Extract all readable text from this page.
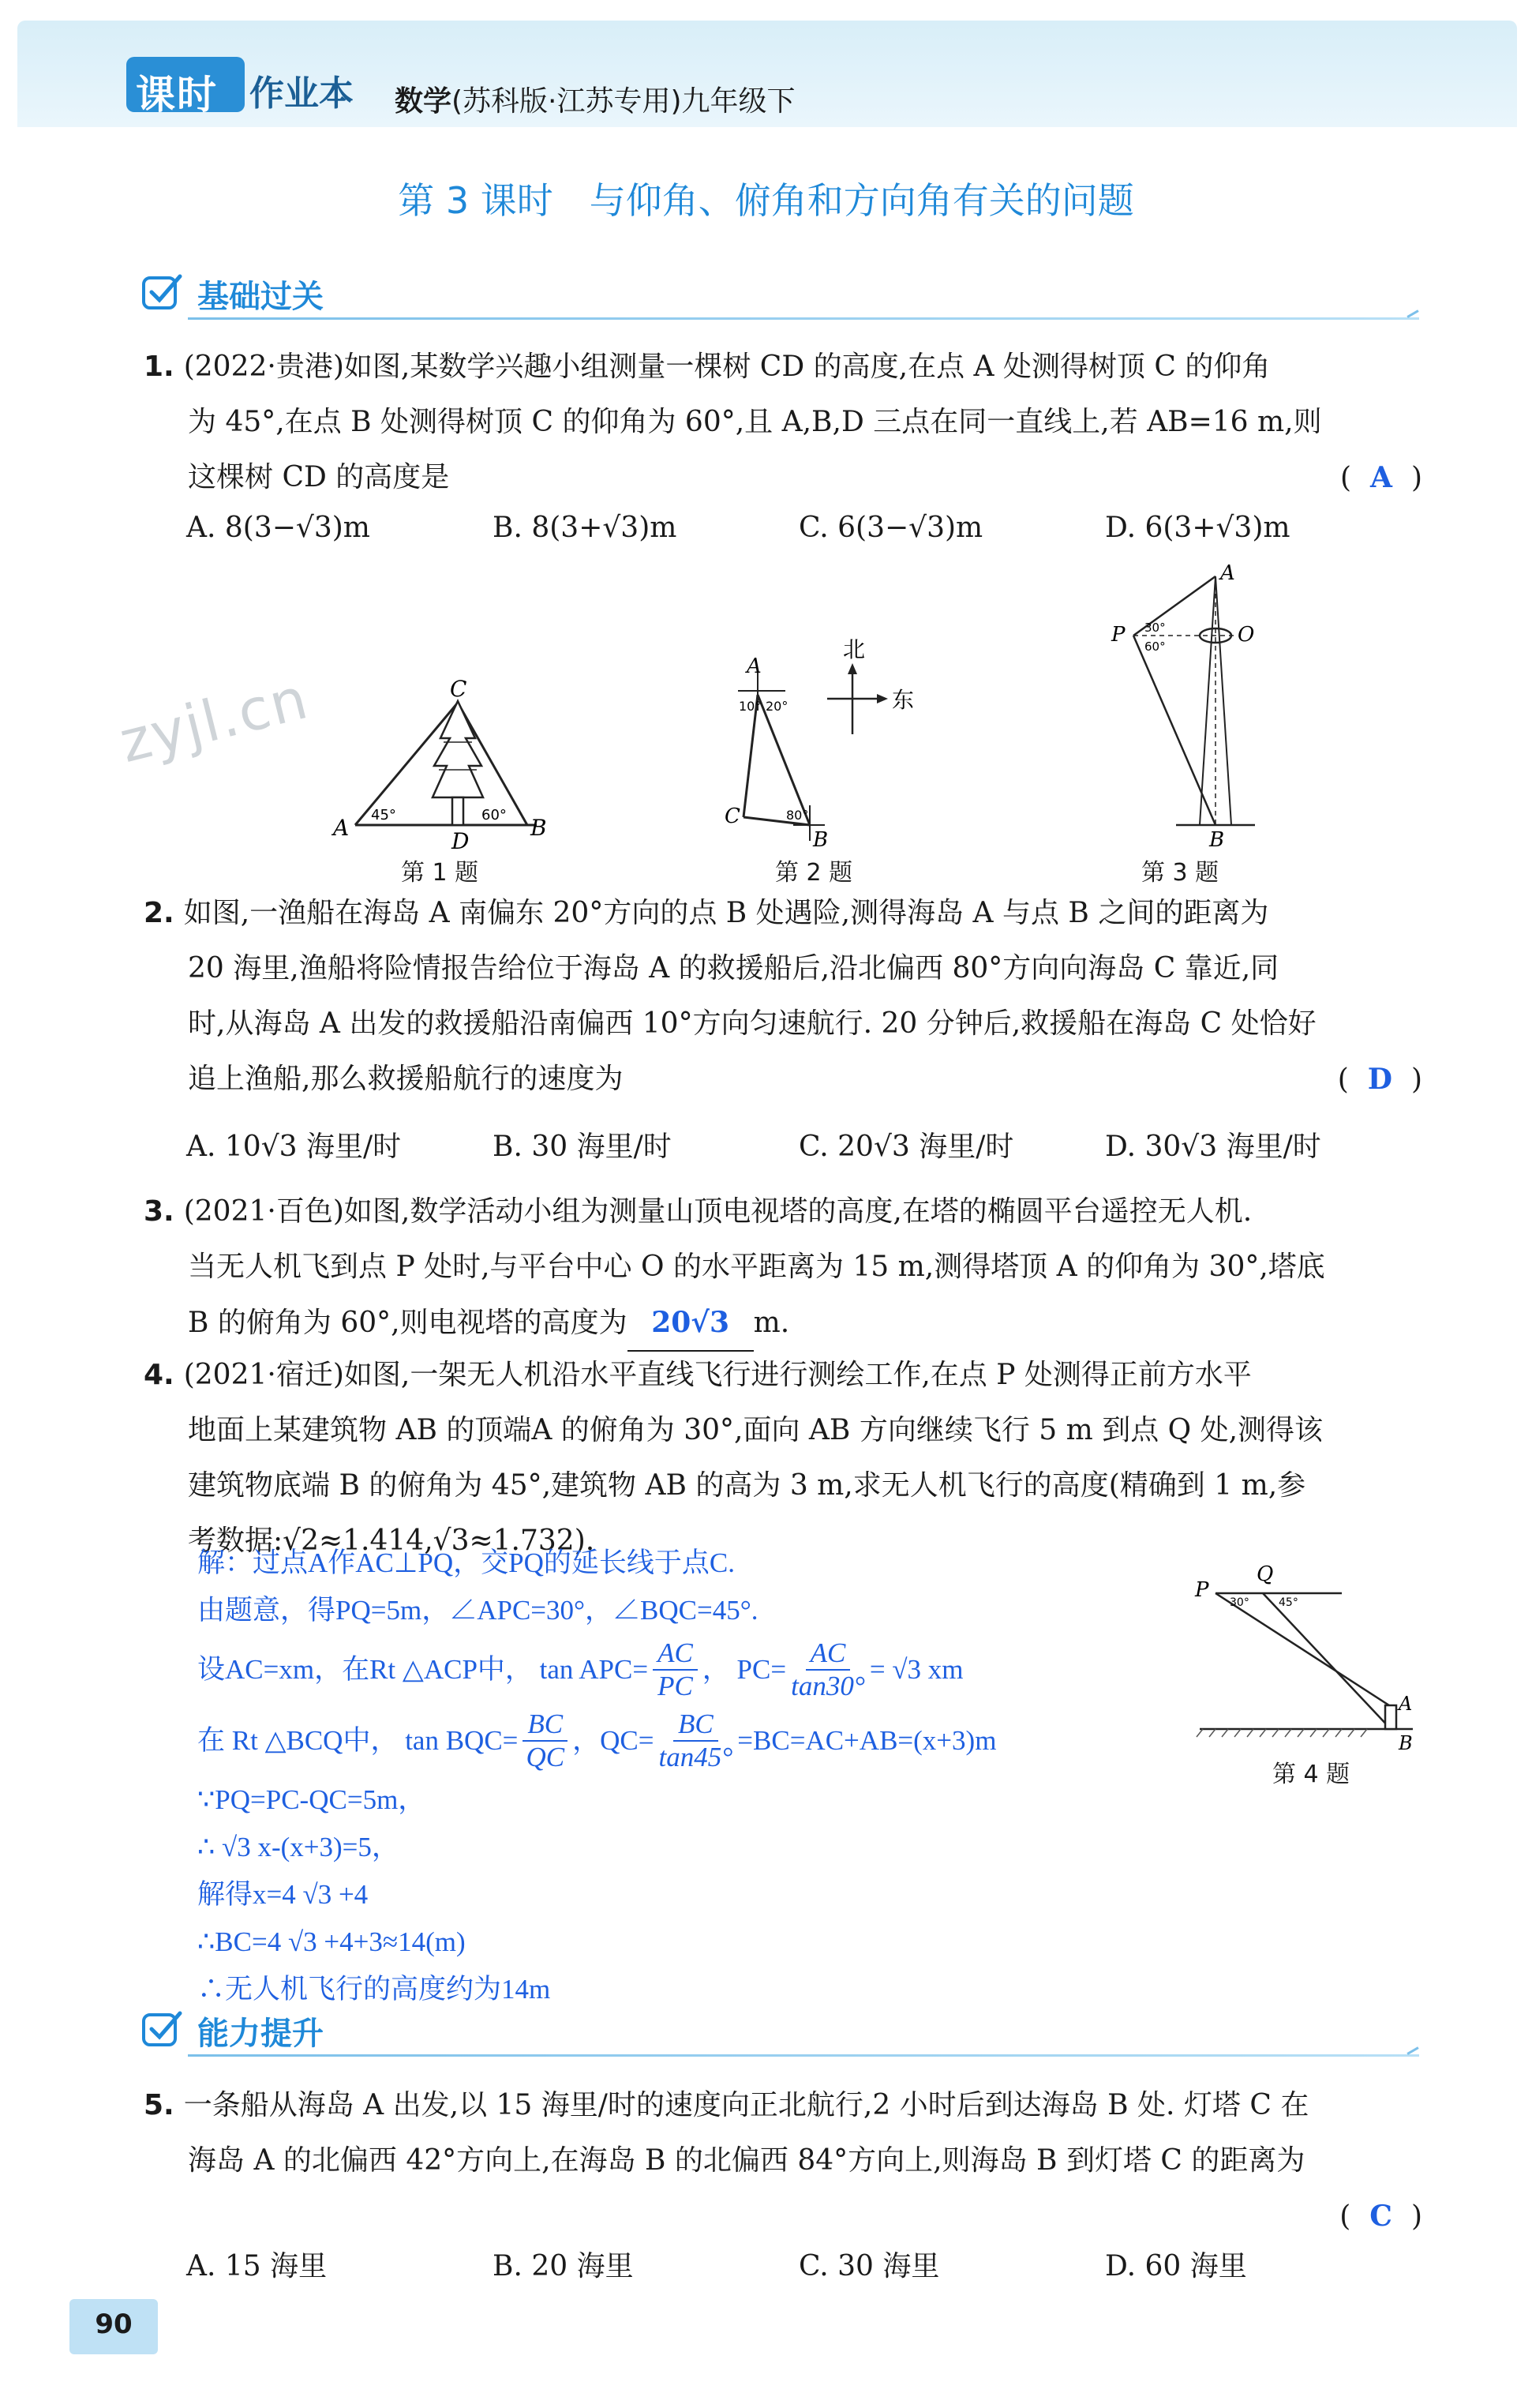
课时 作业本 数学(苏科版·江苏专用)九年级下
第 3 课时　与仰角、俯角和方向角有关的问题
zyjl.cn
基础过关
1. (2022·贵港)如图,某数学兴趣小组测量一棵树 CD 的高度,在点 A 处测得树顶 C 的仰角
为 45°,在点 B 处测得树顶 C 的仰角为 60°,且 A,B,D 三点在同一直线上,若 AB=16 m,则
这棵树 CD 的高度是	( A )
A. 8(3−√3)m	B. 8(3+√3)m	C. 6(3−√3)m	D. 6(3+√3)m
C
A	B
D
45°	60°
第 1 题
北
东
A
C
B
10° 20°
80°
第 2 题
A
P	O
B
30°
60°
第 3 题
2. 如图,一渔船在海岛 A 南偏东 20°方向的点 B 处遇险,测得海岛 A 与点 B 之间的距离为
20 海里,渔船将险情报告给位于海岛 A 的救援船后,沿北偏西 80°方向向海岛 C 靠近,同
时,从海岛 A 出发的救援船沿南偏西 10°方向匀速航行. 20 分钟后,救援船在海岛 C 处恰好
追上渔船,那么救援船航行的速度为	( D )
A. 10√3 海里/时	B. 30 海里/时	C. 20√3 海里/时	D. 30√3 海里/时
3. (2021·百色)如图,数学活动小组为测量山顶电视塔的高度,在塔的椭圆平台遥控无人机.
当无人机飞到点 P 处时,与平台中心 O 的水平距离为 15 m,测得塔顶 A 的仰角为 30°,塔底
B 的俯角为 60°,则电视塔的高度为 20√3 m.
4. (2021·宿迁)如图,一架无人机沿水平直线飞行进行测绘工作,在点 P 处测得正前方水平
地面上某建筑物 AB 的顶端A 的俯角为 30°,面向 AB 方向继续飞行 5 m 到点 Q 处,测得该
建筑物底端 B 的俯角为 45°,建筑物 AB 的高为 3 m,求无人机飞行的高度(精确到 1 m,参
考数据:√2≈1.414,√3≈1.732).
解：过点A作AC⊥PQ，交PQ的延长线于点C.
由题意，得PQ=5m，∠APC=30°，∠BQC=45°.
设AC=xm，在Rt △ACP中， $\tan APC= \frac{AC}{PC}$ ， $PC= \frac{AC}{\tan 30^\circ} = √3$ xm
在 Rt △BCQ中， $\tan BQC= \frac{BC}{QC}$ ，$QC= \frac{BC}{\tan 45^\circ} =BC=AC+AB=(x+3)m$
∵PQ=PC-QC=5m，
∴ √3 x-(x+3)=5，
解得x=4 √3 +4
∴BC=4 √3 +4+3≈14(m)
∴无人机飞行的高度约为14m
P
Q
A
B
30°	45°
第 4 题
能力提升
5. 一条船从海岛 A 出发,以 15 海里/时的速度向正北航行,2 小时后到达海岛 B 处. 灯塔 C 在
海岛 A 的北偏西 42°方向上,在海岛 B 的北偏西 84°方向上,则海岛 B 到灯塔 C 的距离为
( C )
A. 15 海里	B. 20 海里	C. 30 海里	D. 60 海里
90
